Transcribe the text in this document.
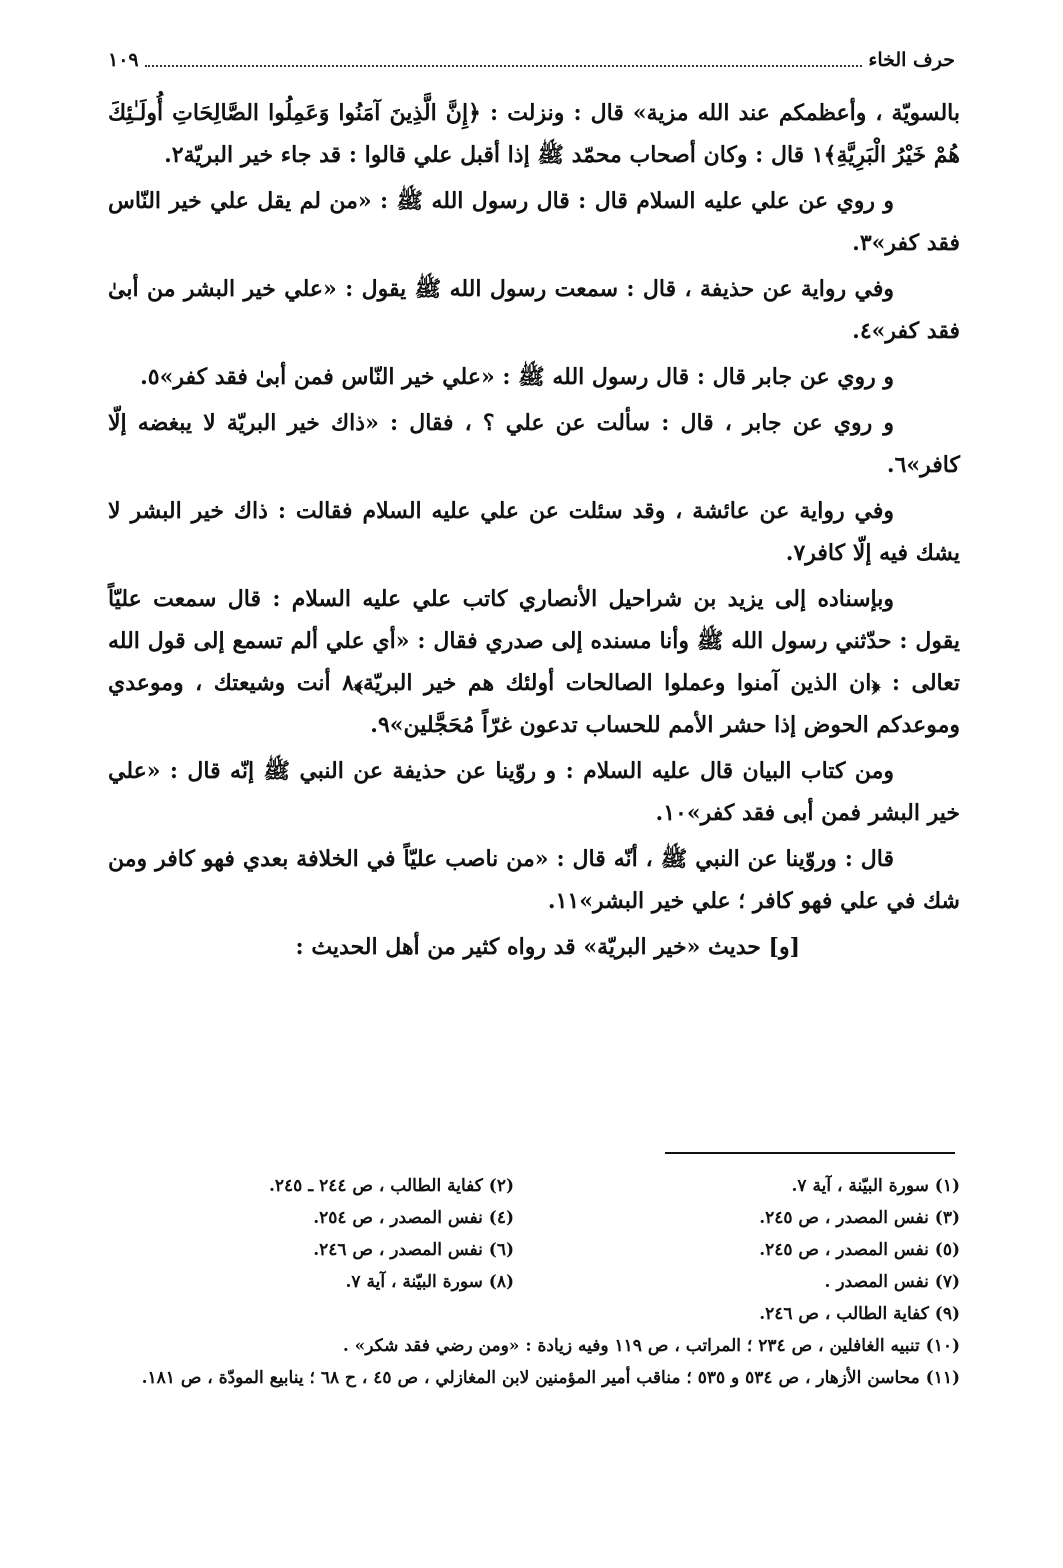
حرف الخاء
١٠٩

بالسويّة ، وأعظمكم عند الله مزية» قال : ونزلت : ﴿إِنَّ الَّذِينَ آمَنُوا وَعَمِلُوا الصَّالِحَاتِ أُولَـٰئِكَ هُمْ خَيْرُ الْبَرِيَّةِ﴾١ قال : وكان أصحاب محمّد ﷺ إذا أقبل علي قالوا : قد جاء خير البريّة٢.

و روي عن علي عليه السلام قال : قال رسول الله ﷺ : «من لم يقل علي خير النّاس فقد كفر»٣.

وفي رواية عن حذيفة ، قال : سمعت رسول الله ﷺ يقول : «علي خير البشر من أبىٰ فقد كفر»٤.

و روي عن جابر قال : قال رسول الله ﷺ : «علي خير النّاس فمن أبىٰ فقد كفر»٥.

و روي عن جابر ، قال : سألت عن علي ؟ ، فقال : «ذاك خير البريّة لا يبغضه إلّا كافر»٦.

وفي رواية عن عائشة ، وقد سئلت عن علي عليه السلام فقالت : ذاك خير البشر لا يشك فيه إلّا كافر٧.

وبإسناده إلى يزيد بن شراحيل الأنصاري كاتب علي عليه السلام : قال سمعت عليّاً يقول : حدّثني رسول الله ﷺ وأنا مسنده إلى صدري فقال : «أي علي ألم تسمع إلى قول الله تعالى : ﴿ان الذين آمنوا وعملوا الصالحات أولئك هم خير البريّة﴾٨ أنت وشيعتك ، وموعدي وموعدكم الحوض إذا حشر الأمم للحساب تدعون غرّاً مُحَجَّلين»٩.

ومن كتاب البيان قال عليه السلام : و روّينا عن حذيفة عن النبي ﷺ إنّه قال : «علي خير البشر فمن أبى فقد كفر»١٠.

قال : وروّينا عن النبي ﷺ ، أنّه قال : «من ناصب عليّاً في الخلافة بعدي فهو كافر ومن شك في علي فهو كافر ؛ علي خير البشر»١١.

[و] حديث «خير البريّة» قد رواه كثير من أهل الحديث :

(١) سورة البيّنة ، آية ٧.
(٢) كفاية الطالب ، ص ٢٤٤ ـ ٢٤٥.
(٣) نفس المصدر ، ص ٢٤٥.
(٤) نفس المصدر ، ص ٢٥٤.
(٥) نفس المصدر ، ص ٢٤٥.
(٦) نفس المصدر ، ص ٢٤٦.
(٧) نفس المصدر .
(٨) سورة البيّنة ، آية ٧.
(٩) كفاية الطالب ، ص ٢٤٦.
(١٠) تنبيه الغافلين ، ص ٢٣٤ ؛ المراتب ، ص ١١٩ وفيه زيادة : «ومن رضي فقد شكر» .
(١١) محاسن الأزهار ، ص ٥٣٤ و ٥٣٥ ؛ مناقب أمير المؤمنين لابن المغازلي ، ص ٤٥ ، ح ٦٨ ؛ ينابيع المودّة ، ص ١٨١.
